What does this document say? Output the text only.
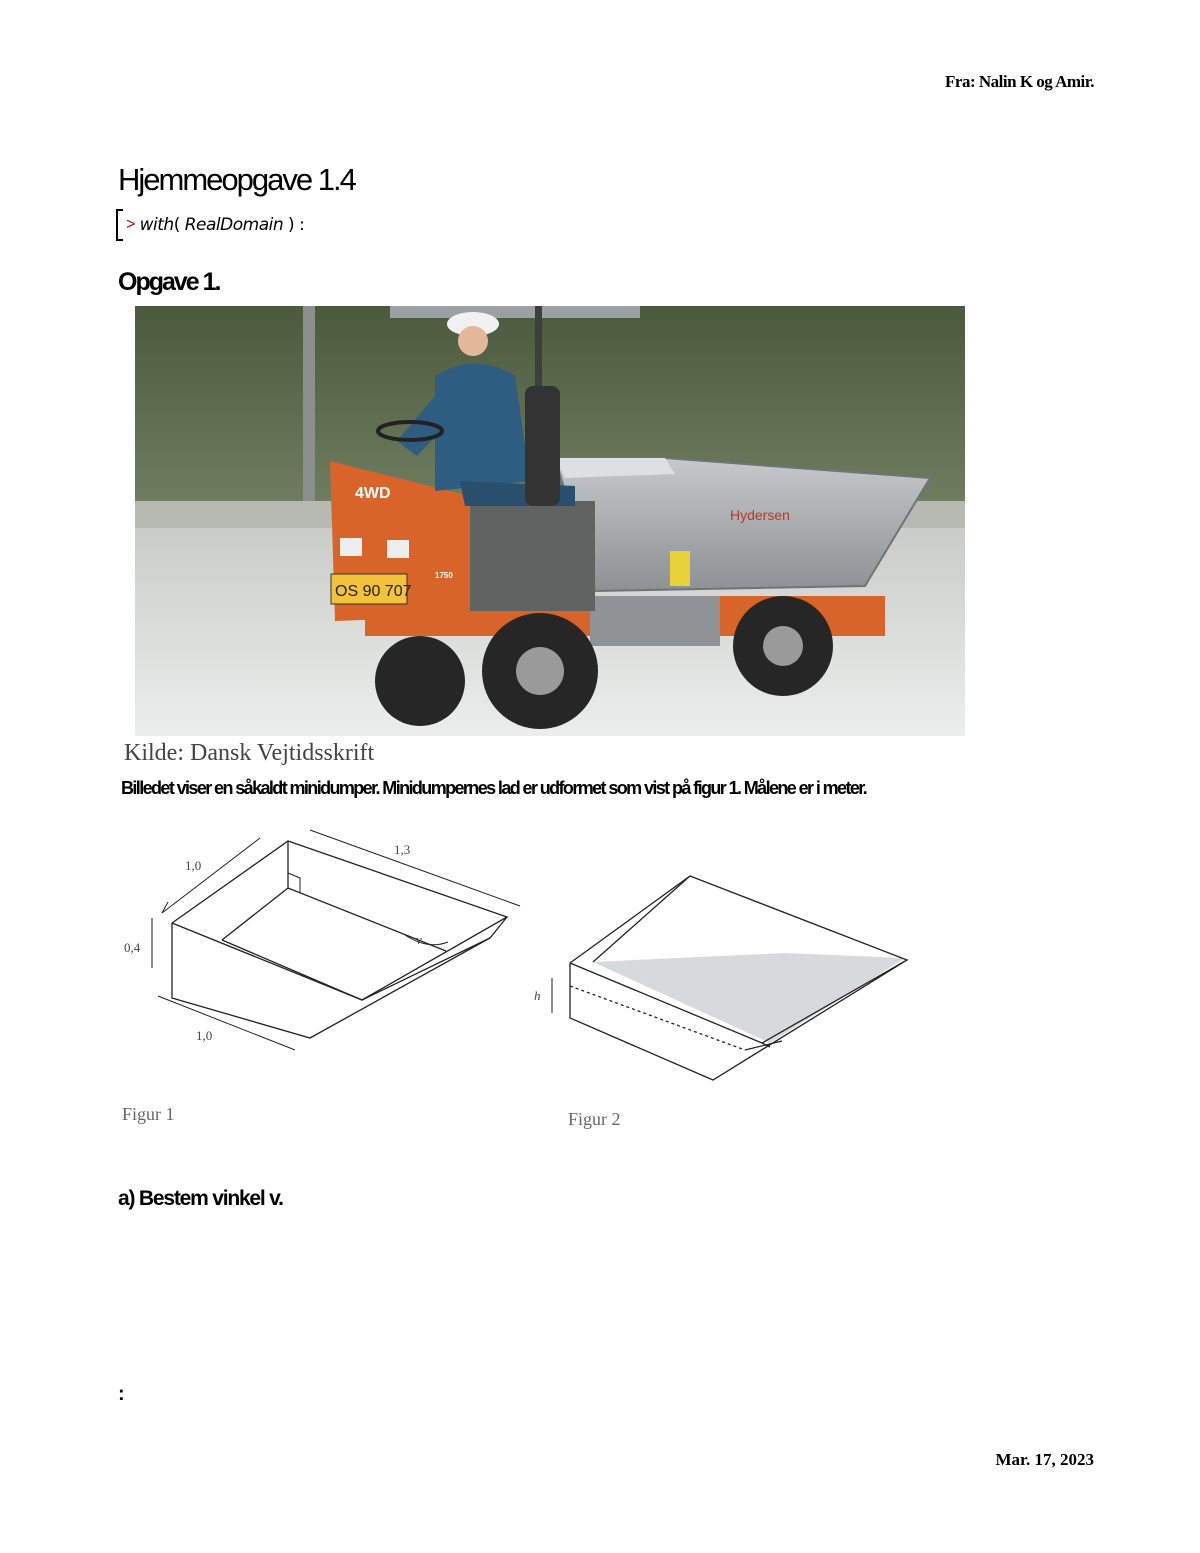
Fra: Nalin K og Amir.
Hjemmeopgave 1.4
> with( RealDomain ) :
Opgave 1.
Hydersen
OS 90 707
4WD
1750
Kilde: Dansk Vejtidsskrift
Billedet viser en såkaldt minidumper. Minidumpernes lad er udformet som vist på figur 1. Målene er i meter.
1,0
1,3
0,4
1,0
v
Figur 1
h
Figur 2
a) Bestem vinkel v.
:
Mar. 17, 2023
